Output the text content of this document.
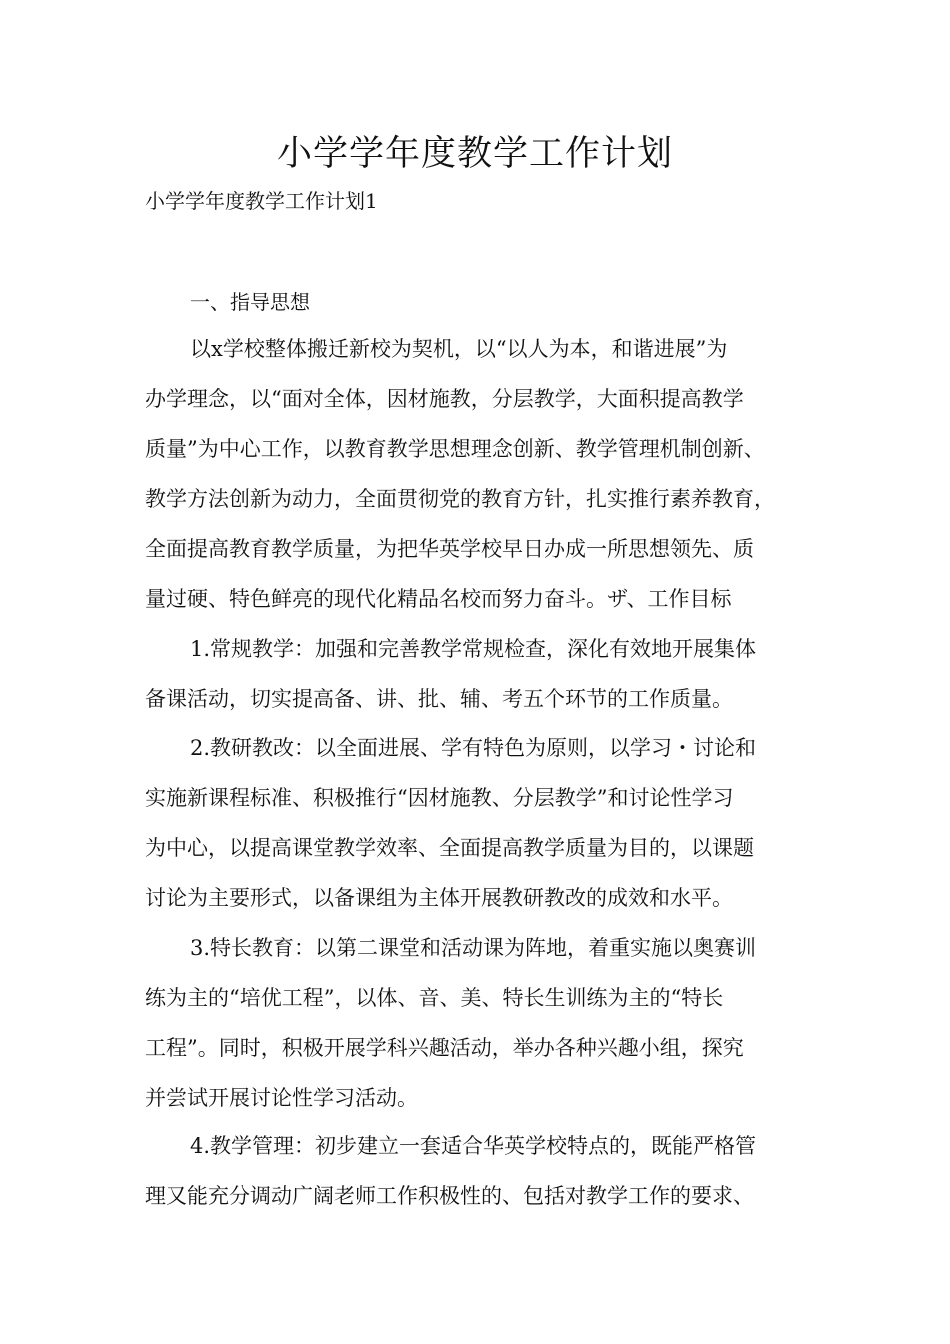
小学学年度教学工作计划
小学学年度教学工作计划1
一、指导思想
以x学校整体搬迁新校为契机，以“以人为本，和谐进展”为
办学理念，以“面对全体，因材施教，分层教学，大面积提高教学
质量”为中心工作，以教育教学思想理念创新、教学管理机制创新、
教学方法创新为动力，全面贯彻党的教育方针，扎实推行素养教育，
全面提高教育教学质量，为把华英学校早日办成一所思想领先、质
量过硬、特色鲜亮的现代化精品名校而努力奋斗。ザ、工作目标
1.常规教学：加强和完善教学常规检查，深化有效地开展集体
备课活动，切实提高备、讲、批、辅、考五个环节的工作质量。
2.教研教改：以全面进展、学有特色为原则，以学习・讨论和
实施新课程标准、积极推行“因材施教、分层教学”和讨论性学习
为中心，以提高课堂教学效率、全面提高教学质量为目的，以课题
讨论为主要形式，以备课组为主体开展教研教改的成效和水平。
3.特长教育：以第二课堂和活动课为阵地，着重实施以奥赛训
练为主的“培优工程”，以体、音、美、特长生训练为主的“特长
工程”。同时，积极开展学科兴趣活动，举办各种兴趣小组，探究
并尝试开展讨论性学习活动。
4.教学管理：初步建立一套适合华英学校特点的，既能严格管
理又能充分调动广阔老师工作积极性的、包括对教学工作的要求、
